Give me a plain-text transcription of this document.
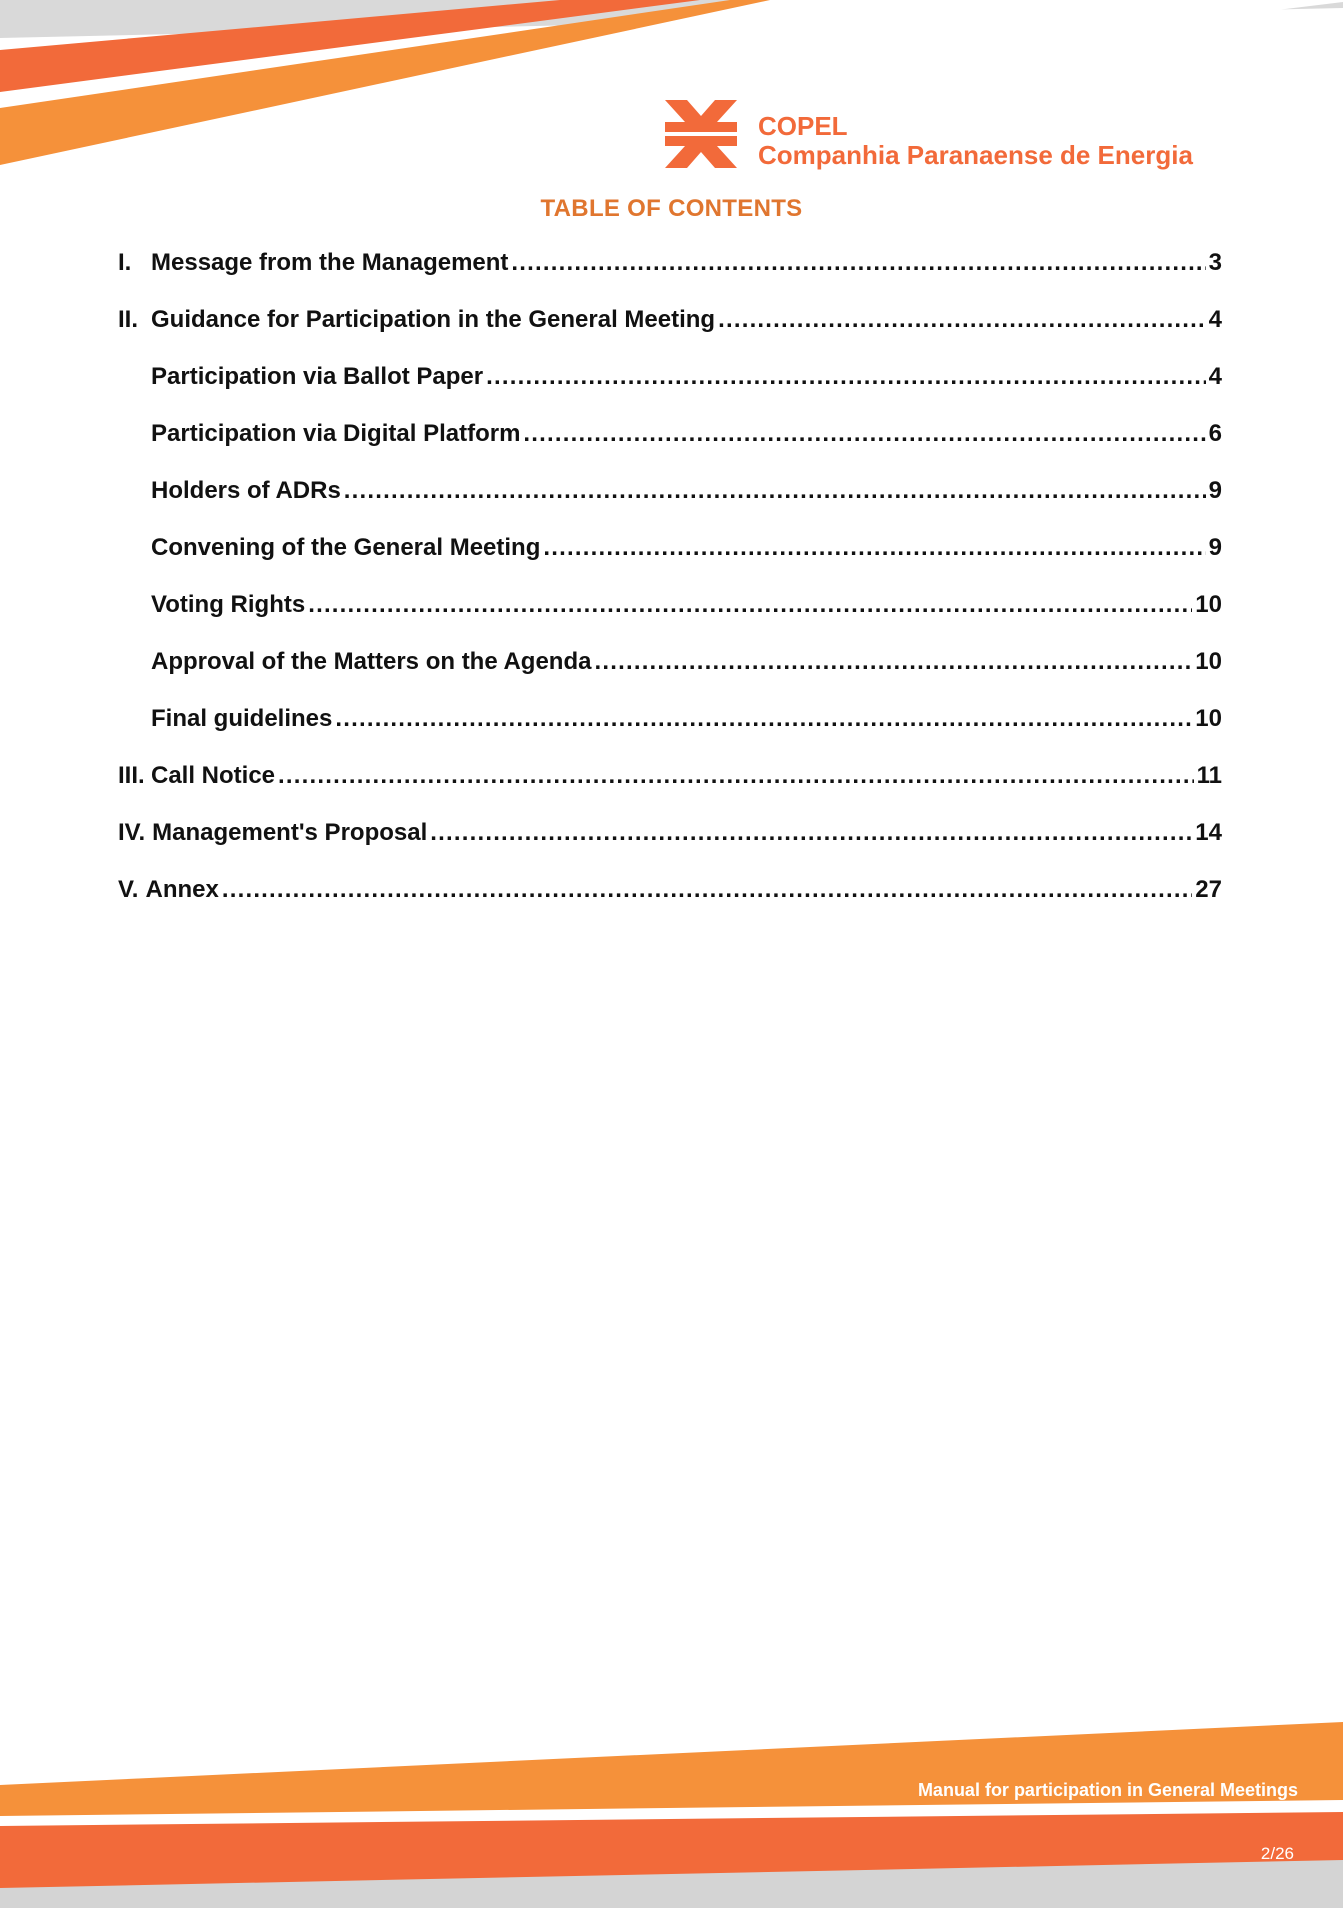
COPEL
Companhia Paranaense de Energia
TABLE OF CONTENTS
I. Message from the Management .....	3
II. Guidance for Participation in the General Meeting .....	4
Participation via Ballot Paper .....	4
Participation via Digital Platform .....	6
Holders of ADRs .....	9
Convening of the General Meeting .....	9
Voting Rights .....	10
Approval of the Matters on the Agenda .....	10
Final guidelines .....	10
III. Call Notice .....	11
IV. Management's Proposal .....	14
V. Annex .....	27
Manual for participation in General Meetings
2/26
